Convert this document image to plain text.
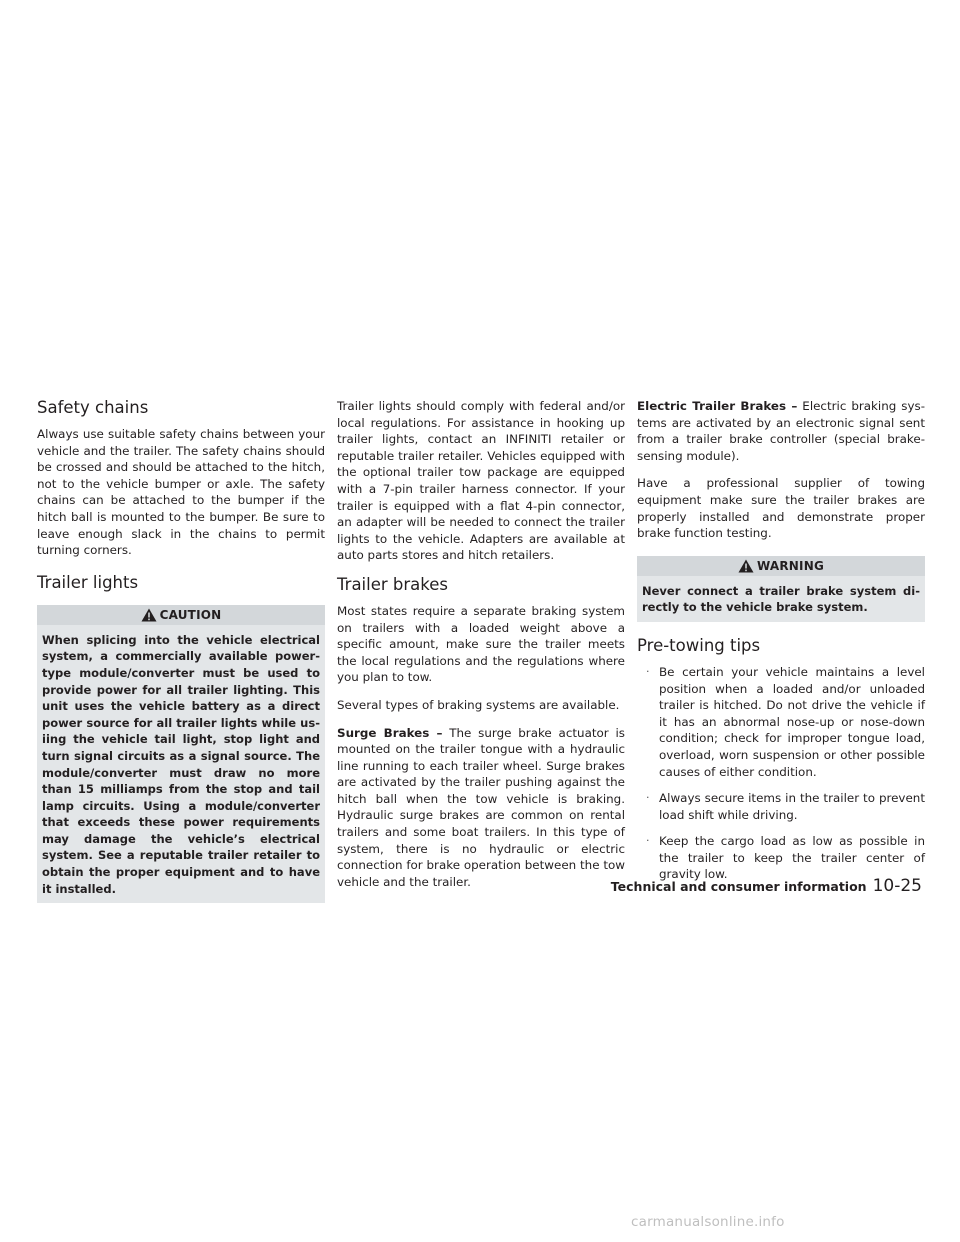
Safety chains

Always use suitable safety chains between your vehicle and the trailer. The safety chains should be crossed and should be attached to the hitch, not to the vehicle bumper or axle. The safety chains can be attached to the bumper if the hitch ball is mounted to the bumper. Be sure to leave enough slack in the chains to permit turning corners.

Trailer lights
CAUTION
When splicing into the vehicle electrical system, a commercially available power-type module/converter must be used to provide power for all trailer lighting. This unit uses the vehicle battery as a direct power source for all trailer lights while usiing the vehicle tail light, stop light and turn signal circuits as a signal source. The module/converter must draw no more than 15 milliamps from the stop and tail lamp circuits. Using a module/converter that exceeds these power requirements may damage the vehicle’s electrical system. See a reputable trailer retailer to obtain the proper equipment and to have it installed.

Trailer lights should comply with federal and/or local regulations. For assistance in hooking up trailer lights, contact an INFINITI retailer or reputable trailer retailer. Vehicles equipped with the optional trailer tow package are equipped with a 7-pin trailer harness connector. If your trailer is equipped with a flat 4-pin connector, an adapter will be needed to connect the trailer lights to the vehicle. Adapters are available at auto parts stores and hitch retailers.

Trailer brakes

Most states require a separate braking system on trailers with a loaded weight above a specific amount, make sure the trailer meets the local regulations and the regulations where you plan to tow.

Several types of braking systems are available.

Surge Brakes – The surge brake actuator is mounted on the trailer tongue with a hydraulic line running to each trailer wheel. Surge brakes are activated by the trailer pushing against the hitch ball when the tow vehicle is braking. Hydraulic surge brakes are common on rental trailers and some boat trailers. In this type of system, there is no hydraulic or electric connection for brake operation between the tow vehicle and the trailer.

Electric Trailer Brakes – Electric braking systems are activated by an electronic signal sent from a trailer brake controller (special brake-sensing module).

Have a professional supplier of towing equipment make sure the trailer brakes are properly installed and demonstrate proper brake function testing.

WARNING
Never connect a trailer brake system directly to the vehicle brake system.
Pre-towing tips
· Be certain your vehicle maintains a level position when a loaded and/or unloaded trailer is hitched. Do not drive the vehicle if it has an abnormal nose-up or nose-down condition; check for improper tongue load, overload, worn suspension or other possible causes of either condition.
· Always secure items in the trailer to prevent load shift while driving.
· Keep the cargo load as low as possible in the trailer to keep the trailer center of gravity low.
Technical and consumer information 10-25
carmanualsonline.info
